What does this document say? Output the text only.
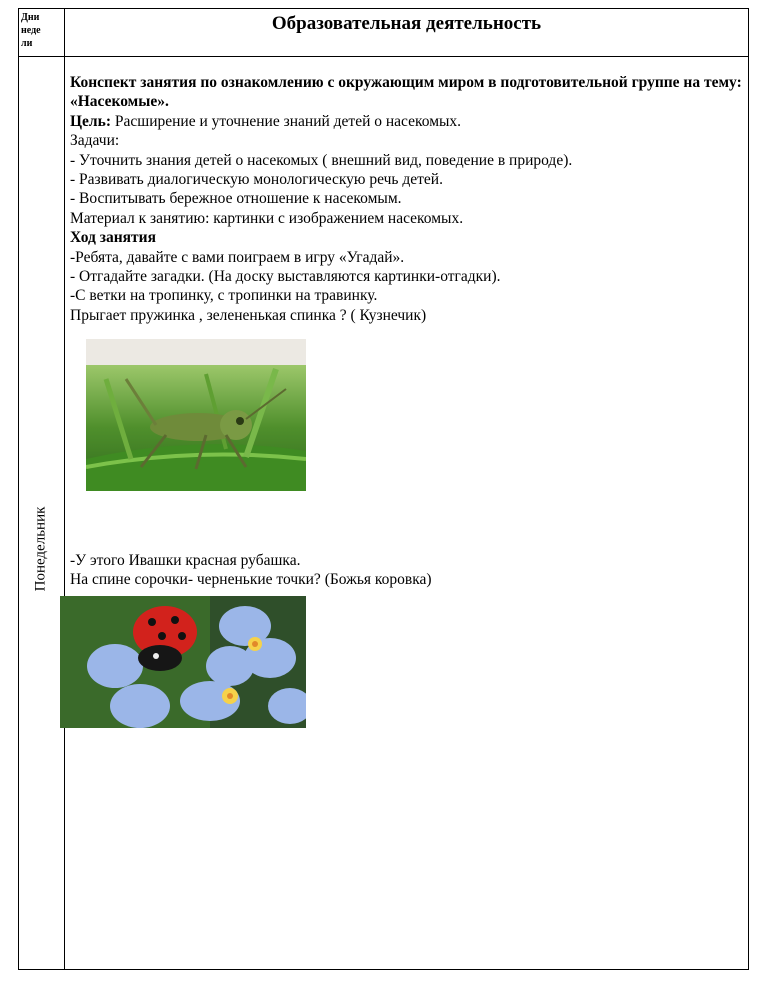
Дни
неде
ли
Образовательная деятельность
Понедельник

Конспект занятия по ознакомлению с окружающим миром в подготовительной группе на тему:

«Насекомые».

Цель: Расширение и уточнение знаний детей о насекомых.

Задачи:

- Уточнить знания детей о насекомых ( внешний вид, поведение в природе).

- Развивать диалогическую монологическую речь детей.

- Воспитывать бережное отношение к насекомым.

Материал к занятию: картинки с изображением насекомых.

Ход занятия

-Ребята, давайте с вами поиграем в игру «Угадай».

- Отгадайте загадки. (На доску выставляются картинки-отгадки).

-С ветки на тропинку, с тропинки на травинку.

Прыгает пружинка , зелененькая спинка ? ( Кузнечик)

-У этого Ивашки красная рубашка.

На спине сорочки- черненькие точки? (Божья коровка)
